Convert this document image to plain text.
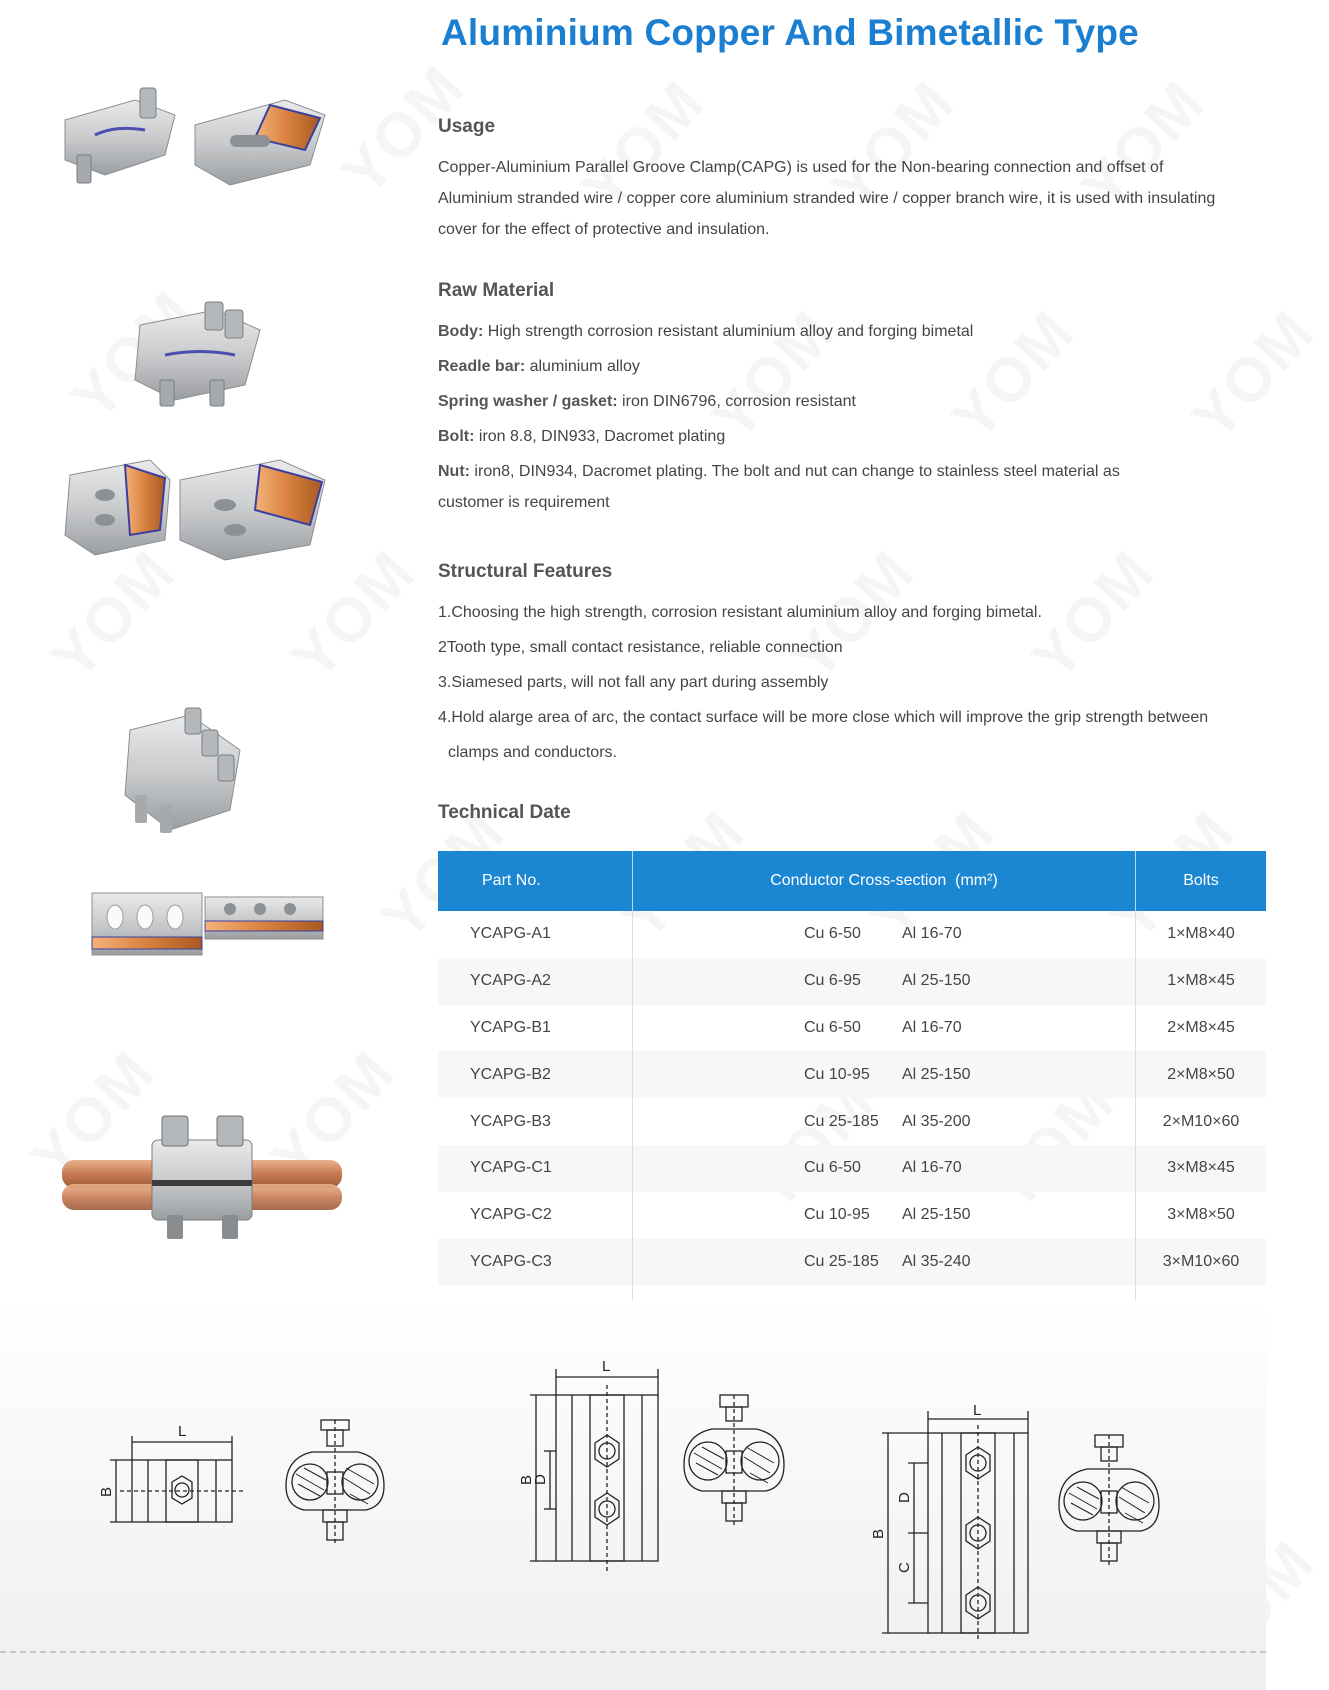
Aluminium Copper And Bimetallic Type
Usage

Copper-Aluminium Parallel Groove Clamp(CAPG) is used for the Non-bearing connection and offset of

Aluminium stranded wire / copper core aluminium stranded wire / copper branch wire, it is used with insulating

cover for the effect of protective and insulation.

Raw Material

Body: High strength corrosion resistant aluminium alloy and forging bimetal

Readle bar: aluminium alloy

Spring washer / gasket: iron DIN6796, corrosion resistant

Bolt: iron 8.8, DIN933, Dacromet plating

Nut: iron8, DIN934, Dacromet plating. The bolt and nut can change to stainless steel material as

customer is requirement

Structural Features

1.Choosing the high strength, corrosion resistant aluminium alloy and forging bimetal.

2Tooth type, small contact resistance, reliable connection

3.Siamesed parts, will not fall any part during assembly

4.Hold alarge area of arc, the contact surface will be more close which will improve the grip strength between

clamps and conductors.

Technical Date
Part No.	Conductor Cross-section  (mm²)	Bolts
YCAPG-A1	Cu 6-50 Al 16-70	1×M8×40
YCAPG-A2	Cu 6-95 Al 25-150	1×M8×45
YCAPG-B1	Cu 6-50 Al 16-70	2×M8×45
YCAPG-B2	Cu 10-95 Al 25-150	2×M8×50
YCAPG-B3	Cu 25-185 Al 35-200	2×M10×60
YCAPG-C1	Cu 6-50 Al 16-70	3×M8×45
YCAPG-C2	Cu 10-95 Al 25-150	3×M8×50
YCAPG-C3	Cu 25-185 Al 35-240	3×M10×60

L
B
L
B
D
L
B
D
C
